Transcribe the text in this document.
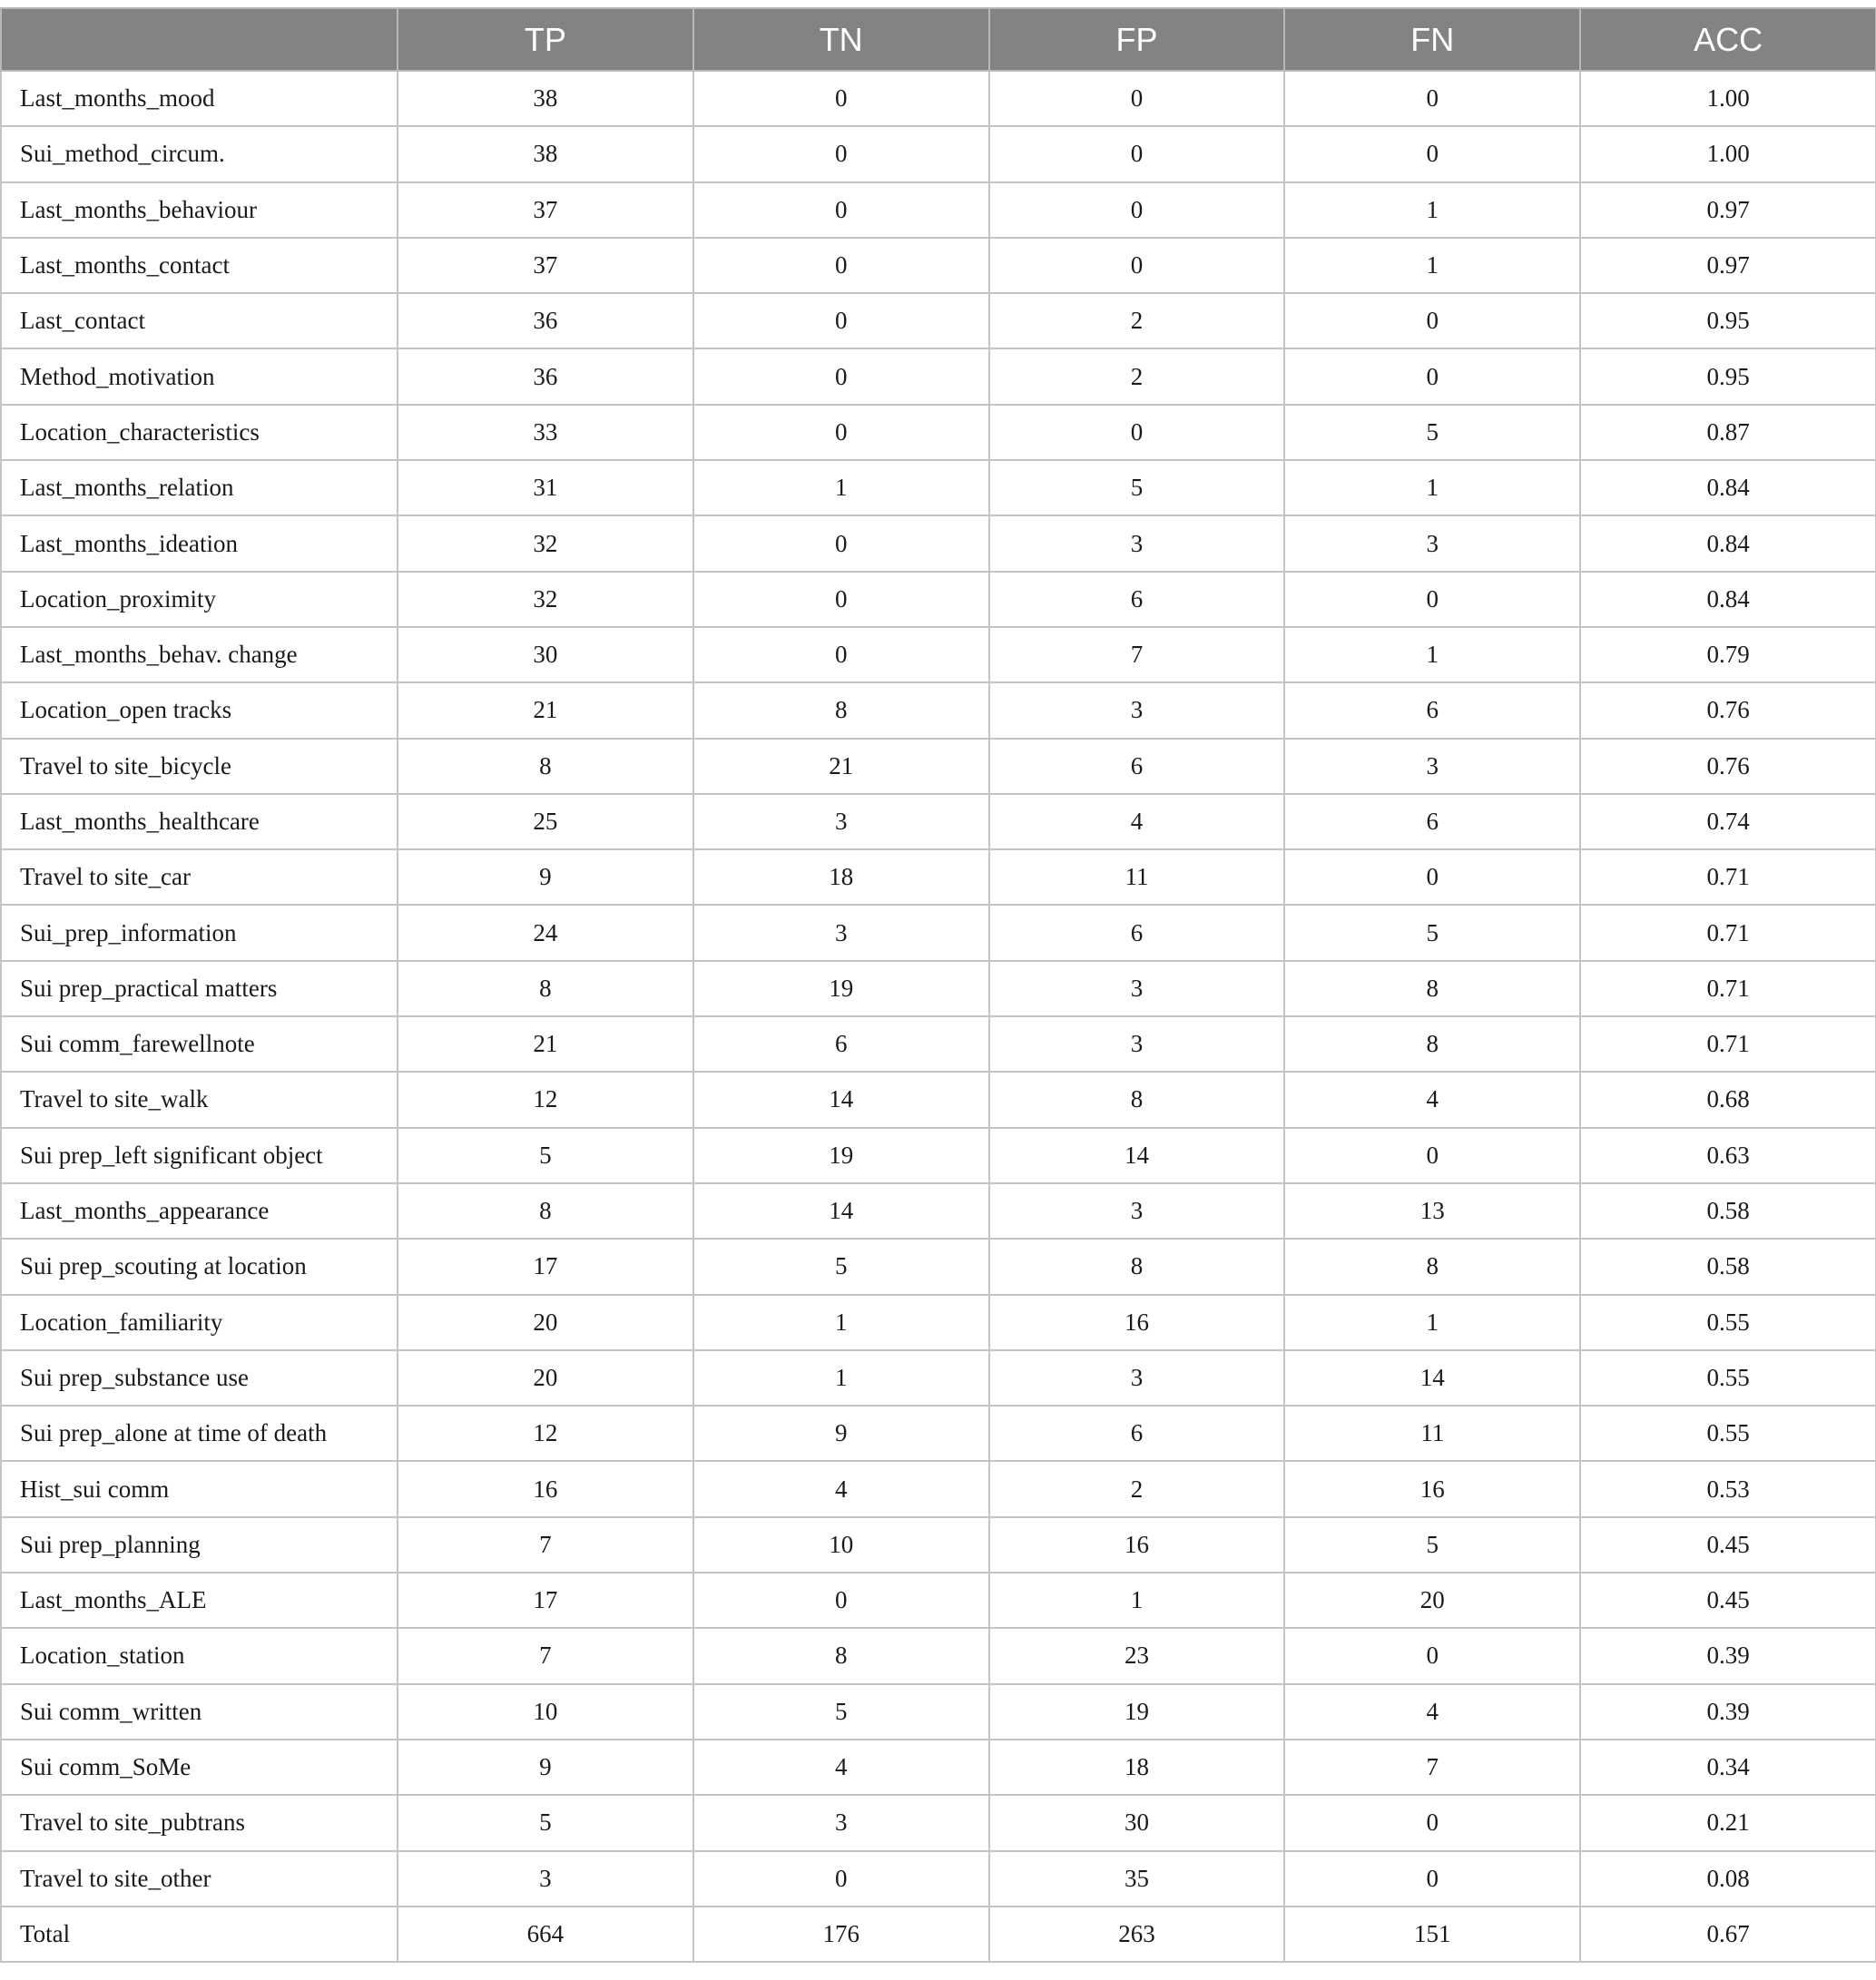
	TP	TN	FP	FN	ACC
Last_months_mood	38	0	0	0	1.00
Sui_method_circum.	38	0	0	0	1.00
Last_months_behaviour	37	0	0	1	0.97
Last_months_contact	37	0	0	1	0.97
Last_contact	36	0	2	0	0.95
Method_motivation	36	0	2	0	0.95
Location_characteristics	33	0	0	5	0.87
Last_months_relation	31	1	5	1	0.84
Last_months_ideation	32	0	3	3	0.84
Location_proximity	32	0	6	0	0.84
Last_months_behav. change	30	0	7	1	0.79
Location_open tracks	21	8	3	6	0.76
Travel to site_bicycle	8	21	6	3	0.76
Last_months_healthcare	25	3	4	6	0.74
Travel to site_car	9	18	11	0	0.71
Sui_prep_information	24	3	6	5	0.71
Sui prep_practical matters	8	19	3	8	0.71
Sui comm_farewellnote	21	6	3	8	0.71
Travel to site_walk	12	14	8	4	0.68
Sui prep_left significant object	5	19	14	0	0.63
Last_months_appearance	8	14	3	13	0.58
Sui prep_scouting at location	17	5	8	8	0.58
Location_familiarity	20	1	16	1	0.55
Sui prep_substance use	20	1	3	14	0.55
Sui prep_alone at time of death	12	9	6	11	0.55
Hist_sui comm	16	4	2	16	0.53
Sui prep_planning	7	10	16	5	0.45
Last_months_ALE	17	0	1	20	0.45
Location_station	7	8	23	0	0.39
Sui comm_written	10	5	19	4	0.39
Sui comm_SoMe	9	4	18	7	0.34
Travel to site_pubtrans	5	3	30	0	0.21
Travel to site_other	3	0	35	0	0.08
Total	664	176	263	151	0.67
